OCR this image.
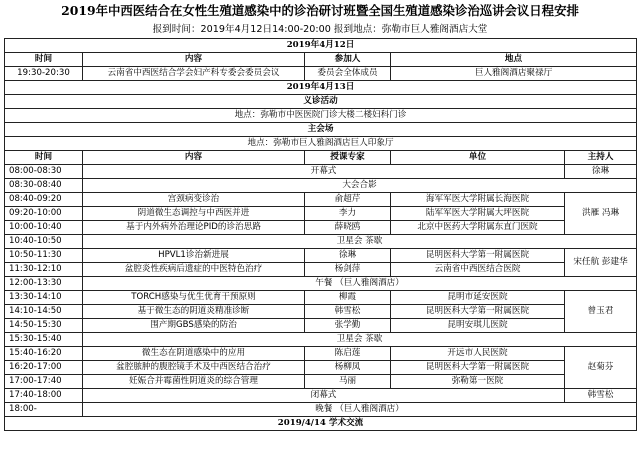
2019年中西医结合在女性生殖道感染中的诊治研讨班暨全国生殖道感染诊治巡讲会议日程安排
报到时间：2019年4月12日14:00-20:00 报到地点：弥勒市巨人雅阁酒店大堂
2019年4月12日				
时间	内容	参加人	地点	
19:30-20:30	云南省中西医结合学会妇产科专委会委员会议	委员会全体成员	巨人雅阁酒店聚禄厅	
2019年4月13日				
义诊活动				
地点：弥勒市中医医院门诊大楼二楼妇科门诊				
主会场				
地点：弥勒市巨人雅阁酒店巨人印象厅				
时间	内容	授课专家	单位	主持人
08:00-08:30	开幕式			徐琳
08:30-08:40	大会合影			
08:40-09:20	宫颈病变诊治	俞超芹	海军军医大学附属长海医院	洪雁 冯琳
09:20-10:00	阴道微生态调控与中西医并进	李力	陆军军医大学附属大坪医院	
10:00-10:40	基于内外病外治理论PID的诊治思路	薛晓鸥	北京中医药大学附属东直门医院	
10:40-10:50	卫星会 茶歇			
10:50-11:30	HPVL1诊治新进展	徐琳	昆明医科大学第一附属医院	宋任航 彭建华
11:30-12:10	盆腔炎性疾病后遗症的中医特色治疗	杨剑萍	云南省中西医结合医院	
12:00-13:30	午餐 （巨人雅阁酒店）			
13:30-14:10	TORCH感染与优生优育干预原则	柳霞	昆明市延安医院	曾玉君
14:10-14:50	基于微生态的阴道炎精准诊断	韩雪松	昆明医科大学第一附属医院	
14:50-15:30	围产期GBS感染的防治	张学勤	昆明安琪儿医院	
15:30-15:40	卫星会 茶歇			
15:40-16:20	微生态在阴道感染中的应用	陈启莲	开远市人民医院	赵菊芬
16:20-17:00	盆腔脓肿的腹腔镜手术及中西医结合治疗	杨柳凤	昆明医科大学第一附属医院	
17:00-17:40	妊娠合并霉菌性阴道炎的综合管理	马丽	弥勒第一医院	
17:40-18:00	闭幕式			韩雪松
18:00-	晚餐 （巨人雅阁酒店）			
2019/4/14 学术交流				
